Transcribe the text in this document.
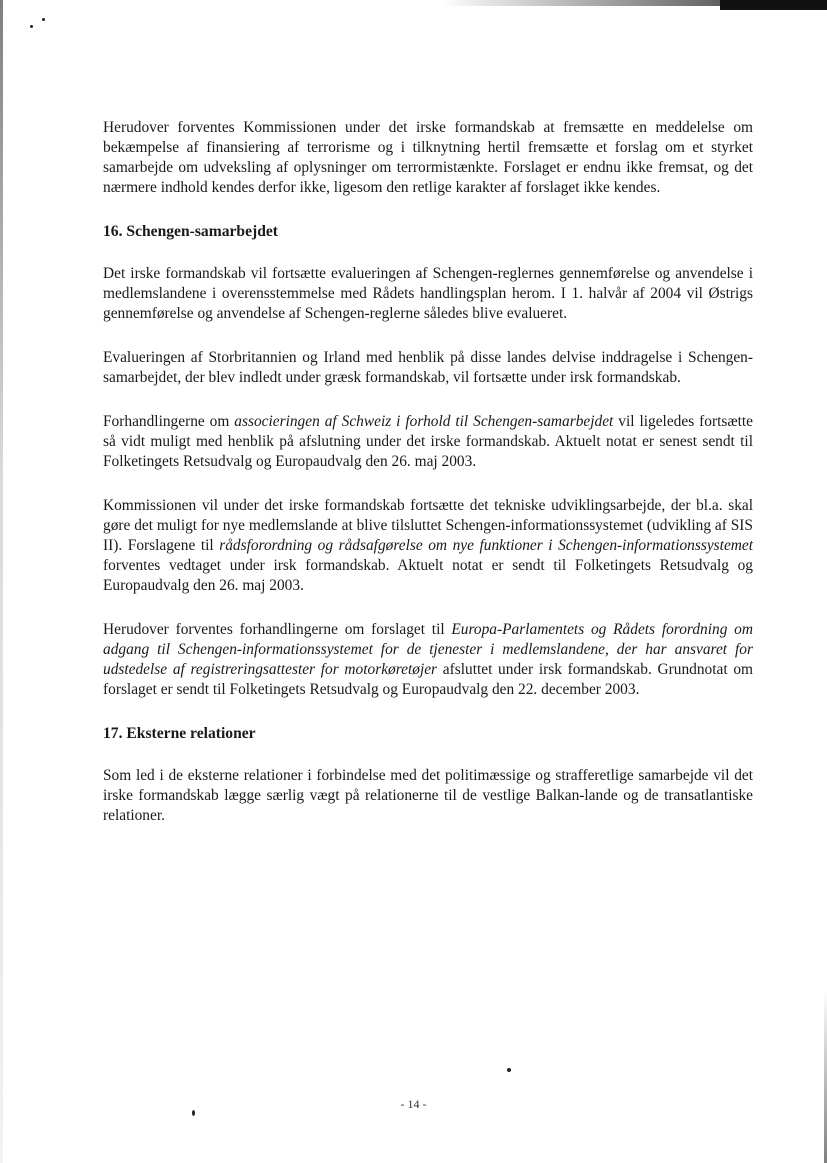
Herudover forventes Kommissionen under det irske formandskab at fremsætte en meddelelse om bekæmpelse af finansiering af terrorisme og i tilknytning hertil fremsætte et forslag om et styrket samarbejde om udveksling af oplysninger om terrormistænkte. Forslaget er endnu ikke fremsat, og det nærmere indhold kendes derfor ikke, ligesom den retlige karakter af forslaget ikke kendes.

16. Schengen-samarbejdet

Det irske formandskab vil fortsætte evalueringen af Schengen-reglernes gennemførelse og anvendelse i medlemslandene i overensstemmelse med Rådets handlingsplan herom. I 1. halvår af 2004 vil Østrigs gennemførelse og anvendelse af Schengen-reglerne således blive evalueret.

Evalueringen af Storbritannien og Irland med henblik på disse landes delvise inddragelse i Schengen-samarbejdet, der blev indledt under græsk formandskab, vil fortsætte under irsk formandskab.

Forhandlingerne om associeringen af Schweiz i forhold til Schengen-samarbejdet vil ligeledes fortsætte så vidt muligt med henblik på afslutning under det irske formandskab. Aktuelt notat er senest sendt til Folketingets Retsudvalg og Europaudvalg den 26. maj 2003.

Kommissionen vil under det irske formandskab fortsætte det tekniske udviklingsarbejde, der bl.a. skal gøre det muligt for nye medlemslande at blive tilsluttet Schengen-informationssystemet (udvikling af SIS II). Forslagene til rådsforordning og rådsafgørelse om nye funktioner i Schengen-informationssystemet forventes vedtaget under irsk formandskab. Aktuelt notat er sendt til Folketingets Retsudvalg og Europaudvalg den 26. maj 2003.

Herudover forventes forhandlingerne om forslaget til Europa-Parlamentets og Rådets forordning om adgang til Schengen-informationssystemet for de tjenester i medlemslandene, der har ansvaret for udstedelse af registreringsattester for motorkøretøjer afsluttet under irsk formandskab. Grundnotat om forslaget er sendt til Folketingets Retsudvalg og Europaudvalg den 22. december 2003.

17. Eksterne relationer

Som led i de eksterne relationer i forbindelse med det politimæssige og strafferetlige samarbejde vil det irske formandskab lægge særlig vægt på relationerne til de vestlige Balkan-lande og de transatlantiske relationer.

- 14 -
